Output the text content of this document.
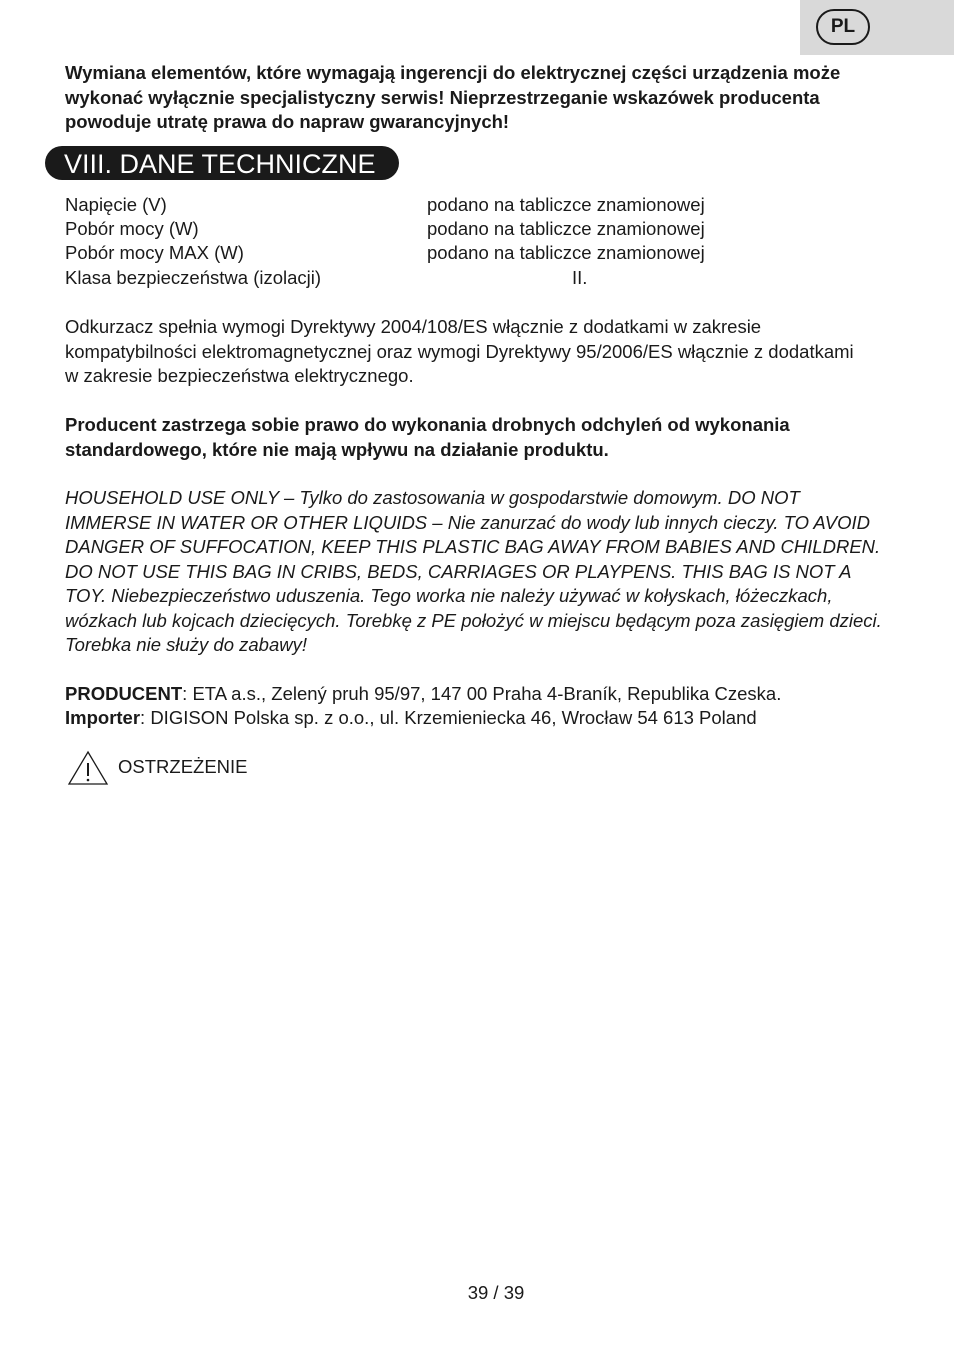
PL
Wymiana elementów, które wymagają ingerencji do elektrycznej części urządzenia może wykonać wyłącznie specjalistyczny serwis! Nieprzestrzeganie wskazówek producenta powoduje utratę prawa do napraw gwarancyjnych!
VIII. DANE TECHNICZNE
Napięcie (V)	podano na tabliczce znamionowej
Pobór mocy (W)	podano na tabliczce znamionowej
Pobór mocy MAX (W)	podano na tabliczce znamionowej
Klasa bezpieczeństwa (izolacji)	II.
Odkurzacz spełnia wymogi Dyrektywy 2004/108/ES włącznie z dodatkami w zakresie kompatybilności elektromagnetycznej oraz wymogi Dyrektywy 95/2006/ES włącznie z dodatkami w zakresie bezpieczeństwa elektrycznego.
Producent zastrzega sobie prawo do wykonania drobnych odchyleń od wykonania standardowego, które nie mają wpływu na działanie produktu.
HOUSEHOLD USE ONLY – Tylko do zastosowania w gospodarstwie domowym. DO NOT IMMERSE IN WATER OR OTHER LIQUIDS – Nie zanurzać do wody lub innych cieczy. TO AVOID DANGER OF SUFFOCATION, KEEP THIS PLASTIC BAG AWAY FROM BABIES AND CHILDREN. DO NOT USE THIS BAG IN CRIBS, BEDS, CARRIAGES OR PLAYPENS. THIS BAG IS NOT A TOY. Niebezpieczeństwo uduszenia. Tego worka nie należy używać w kołyskach, łóżeczkach, wózkach lub kojcach dziecięcych. Torebkę z PE położyć w miejscu będącym poza zasięgiem dzieci. Torebka nie służy do zabawy!
PRODUCENT: ETA a.s., Zelený pruh 95/97, 147 00 Praha 4-Braník, Republika Czeska.
Importer: DIGISON Polska sp. z o.o., ul. Krzemieniecka 46, Wrocław 54 613 Poland
OSTRZEŻENIE
39 / 39
